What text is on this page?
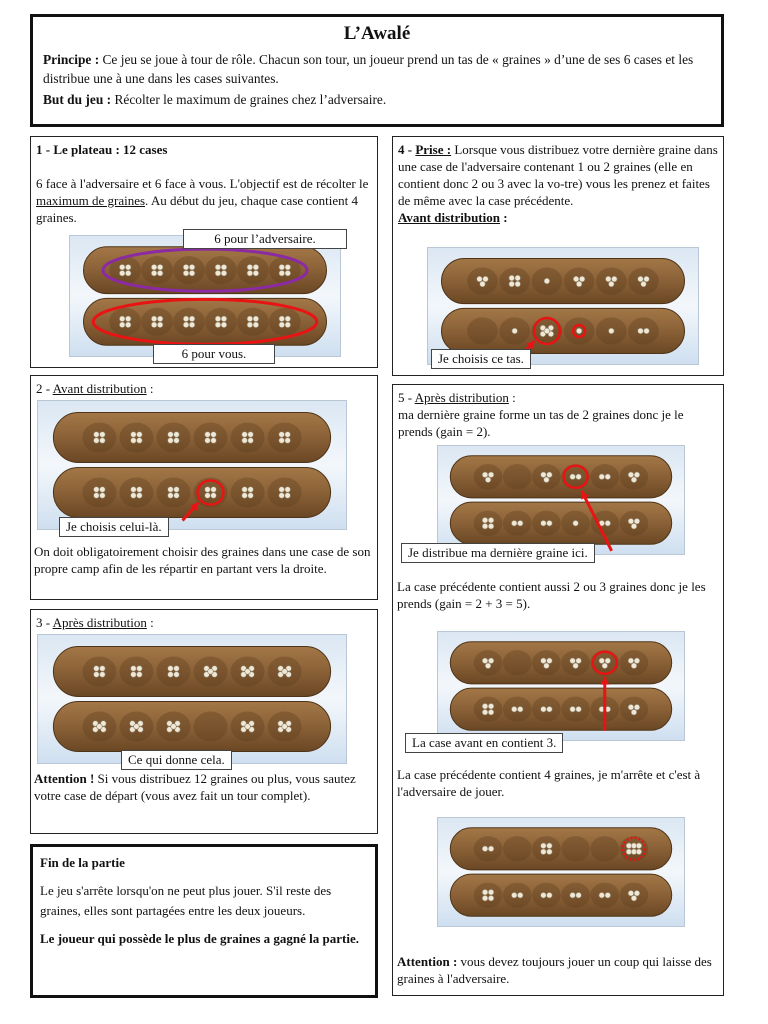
L’Awalé

Principe : Ce jeu se joue à tour de rôle. Chacun son tour, un joueur prend un tas de « graines » d’une de ses 6 cases et les distribue une à une dans les cases suivantes.

But du jeu : Récolter le maximum de graines chez l’adversaire.

1 - Le plateau : 12 cases

6 face à l'adversaire et 6 face à vous. L'objectif est de récolter le maximum de graines. Au début du jeu, chaque case contient 4 graines.

6 pour l’adversaire.
6 pour vous.

2 - Avant distribution :

Je choisis celui-là.

On doit obligatoirement choisir des graines dans une case de son propre camp afin de les répartir en partant vers la droite.

3 - Après distribution :

Ce qui donne cela.

Attention ! Si vous distribuez 12 graines ou plus, vous sautez votre case de départ (vous avez fait un tour complet).

Fin de la partie

Le jeu s'arrête lorsqu'on ne peut plus jouer. S'il reste des graines, elles sont partagées entre les deux joueurs.

Le joueur qui possède le plus de graines a gagné la partie.

4 - Prise : Lorsque vous distribuez votre dernière graine dans une case de l'adversaire contenant 1 ou 2 graines (elle en contient donc 2 ou 3 avec la vo-tre) vous les prenez et faites de même avec la case précédente.

Avant distribution :

Je choisis ce tas.

5 - Après distribution :

ma dernière graine forme un tas de 2 graines donc je le prends (gain = 2).

Je distribue ma dernière graine ici.

La case précédente contient aussi 2 ou 3 graines donc je les prends (gain = 2 + 3 = 5).

La case avant en contient 3.

La case précédente contient 4 graines, je m'arrête et c'est à l'adversaire de jouer.

Attention : vous devez toujours jouer un coup qui laisse des graines à l'adversaire.
